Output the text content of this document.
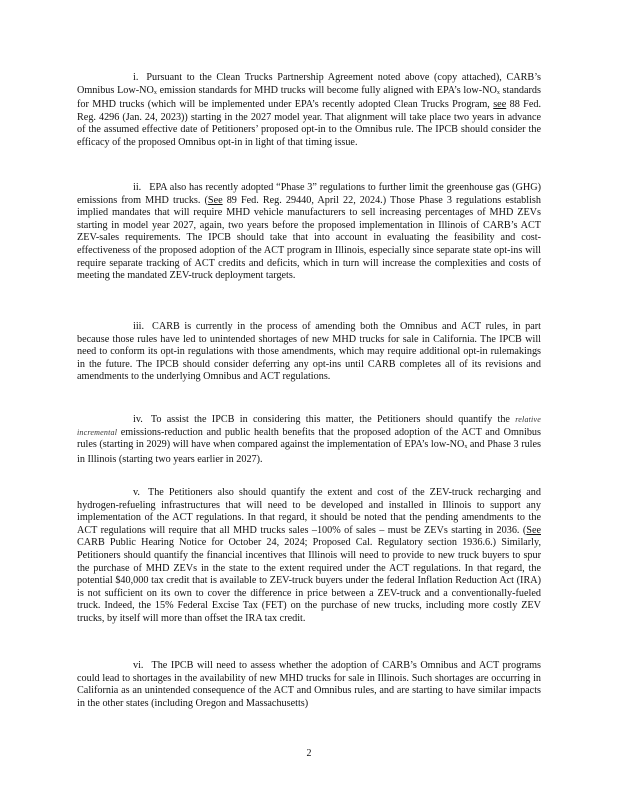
i. Pursuant to the Clean Trucks Partnership Agreement noted above (copy attached), CARB’s Omnibus Low-NOx emission standards for MHD trucks will become fully aligned with EPA’s low-NOx standards for MHD trucks (which will be implemented under EPA’s recently adopted Clean Trucks Program, see 88 Fed. Reg. 4296 (Jan. 24, 2023)) starting in the 2027 model year. That alignment will take place two years in advance of the assumed effective date of Petitioners’ proposed opt-in to the Omnibus rule. The IPCB should consider the efficacy of the proposed Omnibus opt-in in light of that timing issue.

ii. EPA also has recently adopted “Phase 3” regulations to further limit the greenhouse gas (GHG) emissions from MHD trucks. (See 89 Fed. Reg. 29440, April 22, 2024.) Those Phase 3 regulations establish implied mandates that will require MHD vehicle manufacturers to sell increasing percentages of MHD ZEVs starting in model year 2027, again, two years before the proposed implementation in Illinois of CARB’s ACT ZEV-sales requirements. The IPCB should take that into account in evaluating the feasibility and cost-effectiveness of the proposed adoption of the ACT program in Illinois, especially since separate state opt-ins will require separate tracking of ACT credits and deficits, which in turn will increase the complexities and costs of meeting the mandated ZEV-truck deployment targets.

iii. CARB is currently in the process of amending both the Omnibus and ACT rules, in part because those rules have led to unintended shortages of new MHD trucks for sale in California. The IPCB will need to conform its opt-in regulations with those amendments, which may require additional opt-in rulemakings in the future. The IPCB should consider deferring any opt-ins until CARB completes all of its revisions and amendments to the underlying Omnibus and ACT regulations.

iv. To assist the IPCB in considering this matter, the Petitioners should quantify the relative incremental emissions-reduction and public health benefits that the proposed adoption of the ACT and Omnibus rules (starting in 2029) will have when compared against the implementation of EPA’s low-NOx and Phase 3 rules in Illinois (starting two years earlier in 2027).

v. The Petitioners also should quantify the extent and cost of the ZEV-truck recharging and hydrogen-refueling infrastructures that will need to be developed and installed in Illinois to support any implementation of the ACT regulations. In that regard, it should be noted that the pending amendments to the ACT regulations will require that all MHD trucks sales –100% of sales – must be ZEVs starting in 2036. (See CARB Public Hearing Notice for October 24, 2024; Proposed Cal. Regulatory section 1936.6.) Similarly, Petitioners should quantify the financial incentives that Illinois will need to provide to new truck buyers to spur the purchase of MHD ZEVs in the state to the extent required under the ACT regulations. In that regard, the potential $40,000 tax credit that is available to ZEV-truck buyers under the federal Inflation Reduction Act (IRA) is not sufficient on its own to cover the difference in price between a ZEV-truck and a conventionally-fueled truck. Indeed, the 15% Federal Excise Tax (FET) on the purchase of new trucks, including more costly ZEV trucks, by itself will more than offset the IRA tax credit.

vi. The IPCB will need to assess whether the adoption of CARB’s Omnibus and ACT programs could lead to shortages in the availability of new MHD trucks for sale in Illinois. Such shortages are occurring in California as an unintended consequence of the ACT and Omnibus rules, and are starting to have similar impacts in the other states (including Oregon and Massachusetts)

2
